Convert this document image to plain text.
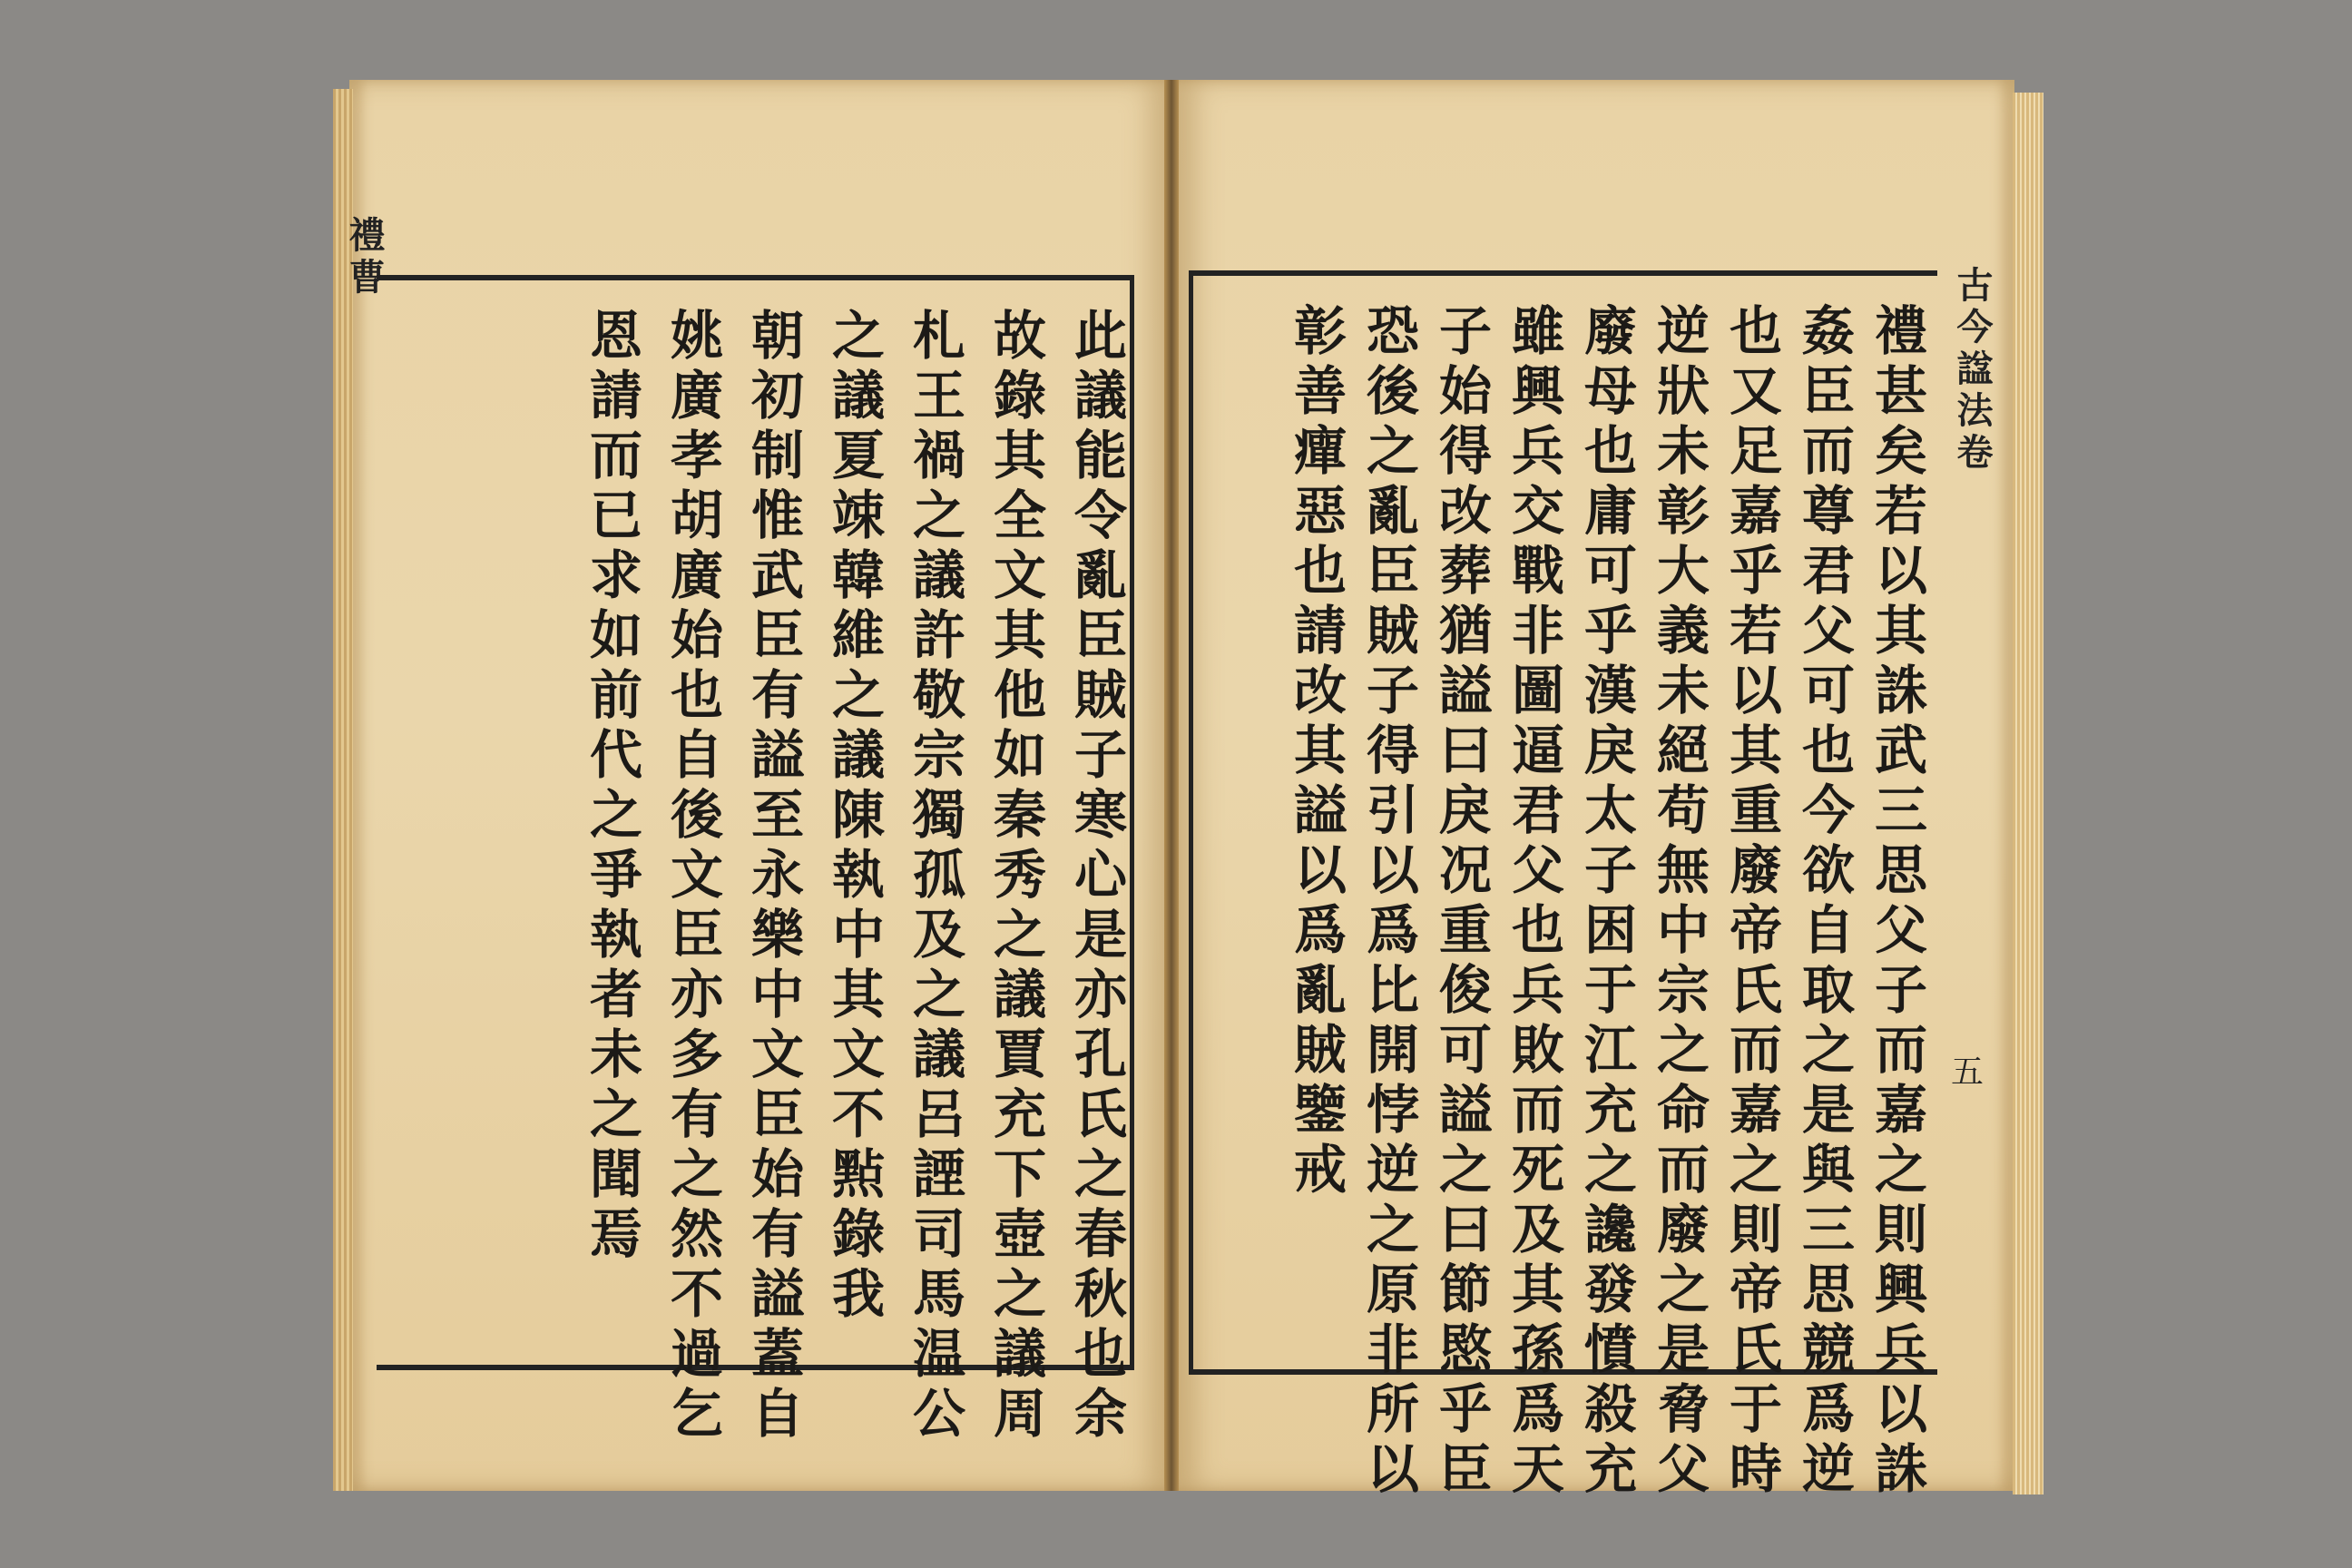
禮曹
此議能令亂臣賊子寒心是亦孔氏之春秋也余
故錄其全文其他如秦秀之議賈充下壺之議周
札王禍之議許敬宗獨孤及之議呂諲司馬温公
之議夏竦韓維之議陳執中其文不㸃錄我
朝初制惟武臣有謚至永樂中文臣始有謚蓋自
姚廣孝胡廣始也自後文臣亦多有之然不過乞
恩請而已求如前代之爭執者未之聞焉	禮甚矣若以其誅武三思父子而嘉之則興兵以誅
姦臣而尊君父可也今欲自取之是與三思競爲逆
也又足嘉乎若以其重廢帝氏而嘉之則帝氏于時
逆狀未彰大義未絕苟無中宗之命而廢之是脅父
廢母也庸可乎漢戾太子困于江充之讒發憤殺充
雖興兵交戰非圖逼君父也兵敗而死及其孫爲天
子始得改葬猶謚曰戾况重俊可謚之曰節愍乎臣
恐後之亂臣賊子得引以爲比開悖逆之原非所以
彰善癉惡也請改其謚以爲亂賊鑒戒	古今諡法卷
五
